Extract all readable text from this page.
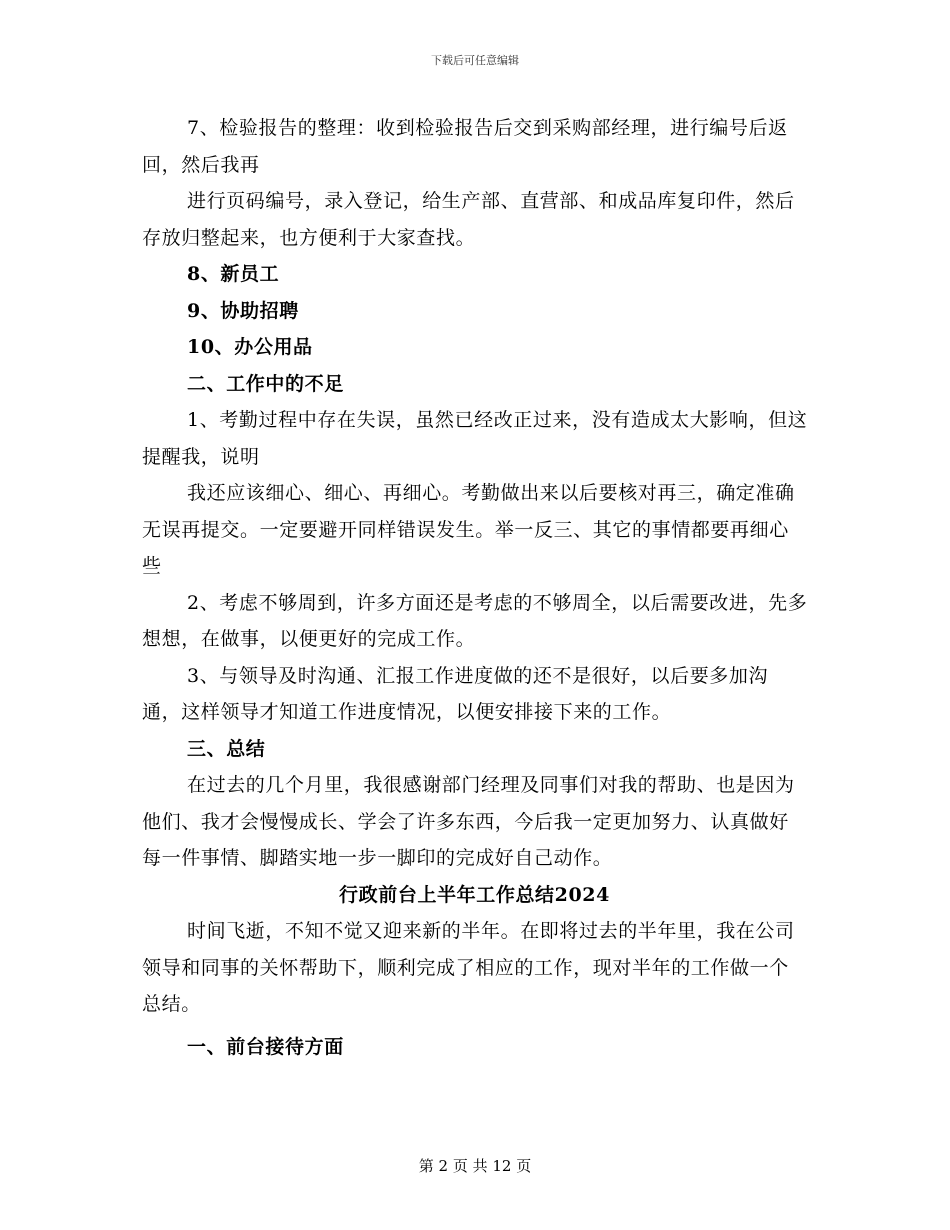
下载后可任意编辑

7、检验报告的整理：收到检验报告后交到采购部经理，进行编号后返回，然后我再

进行页码编号，录入登记，给生产部、直营部、和成品库复印件，然后存放归整起来，也方便利于大家查找。

8、新员工

9、协助招聘

10、办公用品

二、工作中的不足

1、考勤过程中存在失误，虽然已经改正过来，没有造成太大影响，但这提醒我，说明

我还应该细心、细心、再细心。考勤做出来以后要核对再三，确定准确无误再提交。一定要避开同样错误发生。举一反三、其它的事情都要再细心些

2、考虑不够周到，许多方面还是考虑的不够周全，以后需要改进，先多想想，在做事，以便更好的完成工作。

3、与领导及时沟通、汇报工作进度做的还不是很好，以后要多加沟通，这样领导才知道工作进度情况，以便安排接下来的工作。

三、总结

在过去的几个月里，我很感谢部门经理及同事们对我的帮助、也是因为他们、我才会慢慢成长、学会了许多东西，今后我一定更加努力、认真做好每一件事情、脚踏实地一步一脚印的完成好自己动作。

行政前台上半年工作总结2024

时间飞逝，不知不觉又迎来新的半年。在即将过去的半年里，我在公司领导和同事的关怀帮助下，顺利完成了相应的工作，现对半年的工作做一个总结。

一、前台接待方面

第 2 页 共 12 页
